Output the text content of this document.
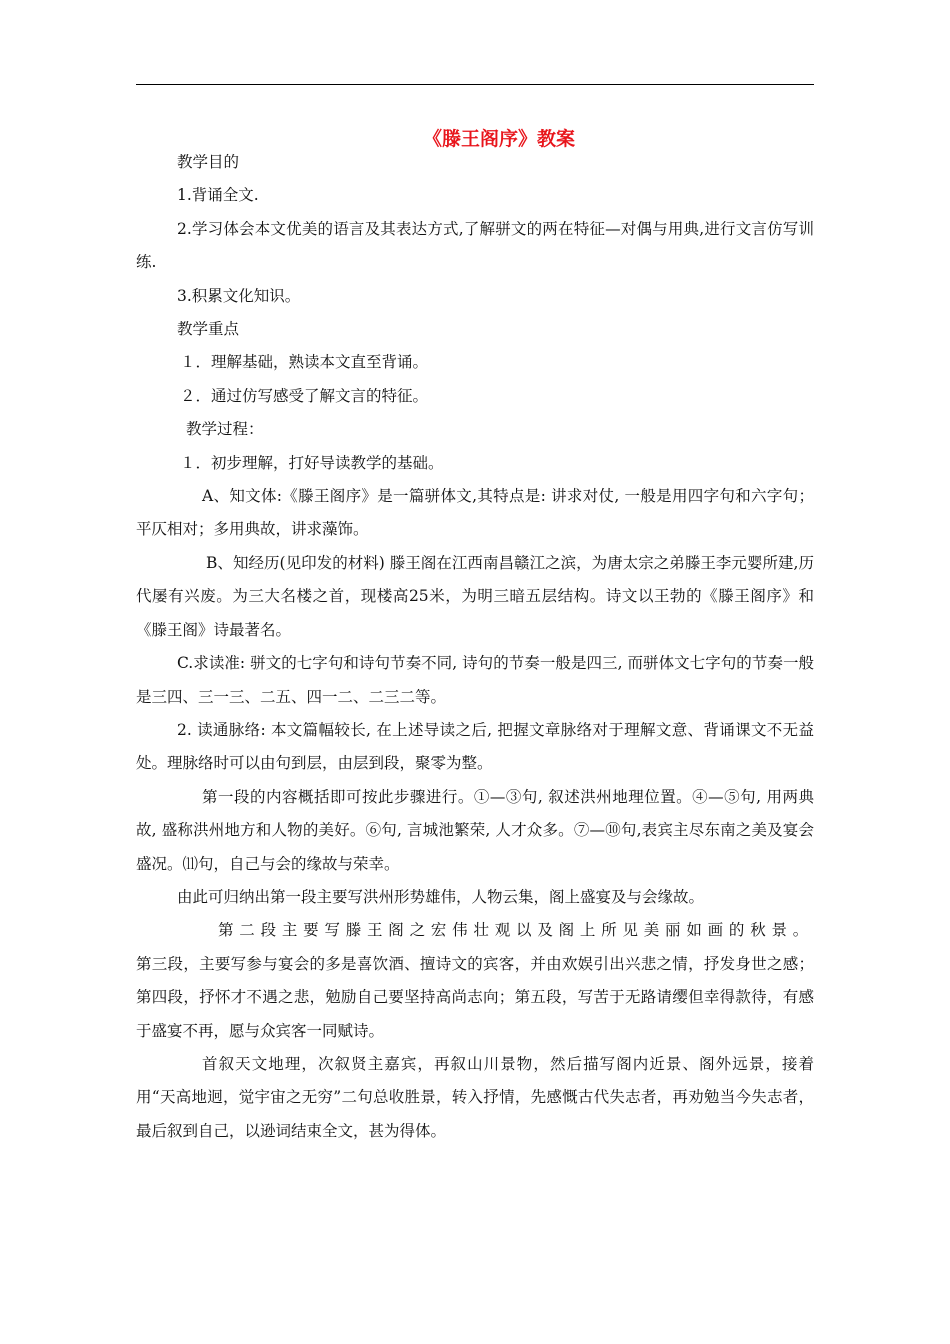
《滕王阁序》教案

教学目的

1.背诵全文.

2.学习体会本文优美的语言及其表达方式,了解骈文的两在特征—对偶与用典,进行文言仿写训练.

3.积累文化知识。

教学重点

１．理解基础，熟读本文直至背诵。

２．通过仿写感受了解文言的特征。

教学过程：

１．初步理解，打好导读教学的基础。

A、知文体:《滕王阁序》是一篇骈体文,其特点是: 讲求对仗, 一般是用四字句和六字句；平仄相对；多用典故，讲求藻饰。

B、知经历(见印发的材料) 滕王阁在江西南昌赣江之滨，为唐太宗之弟滕王李元婴所建,历代屡有兴废。为三大名楼之首，现楼高25米，为明三暗五层结构。诗文以王勃的《滕王阁序》和《滕王阁》诗最著名。

C.求读准: 骈文的七字句和诗句节奏不同, 诗句的节奏一般是四三, 而骈体文七字句的节奏一般是三四、三一三、二五、四一二、二三二等。

2. 读通脉络: 本文篇幅较长, 在上述导读之后, 把握文章脉络对于理解文意、背诵课文不无益处。理脉络时可以由句到层，由层到段，聚零为整。

第一段的内容概括即可按此步骤进行。①—③句, 叙述洪州地理位置。④—⑤句, 用两典故, 盛称洪州地方和人物的美好。⑥句, 言城池繁荣, 人才众多。⑦—⑩句,表宾主尽东南之美及宴会盛况。⑾句，自己与会的缘故与荣幸。

由此可归纳出第一段主要写洪州形势雄伟，人物云集，阁上盛宴及与会缘故。

第二段主要写滕王阁之宏伟壮观以及阁上所见美丽如画的秋景。

第三段，主要写参与宴会的多是喜饮酒、擅诗文的宾客，并由欢娱引出兴悲之情，抒发身世之感；第四段，抒怀才不遇之悲，勉励自己要坚持高尚志向；第五段，写苦于无路请缨但幸得款待，有感于盛宴不再，愿与众宾客一同赋诗。

首叙天文地理，次叙贤主嘉宾，再叙山川景物，然后描写阁内近景、阁外远景，接着用“天高地迥，觉宇宙之无穷”二句总收胜景，转入抒情，先感慨古代失志者，再劝勉当今失志者，最后叙到自己，以逊词结束全文，甚为得体。
